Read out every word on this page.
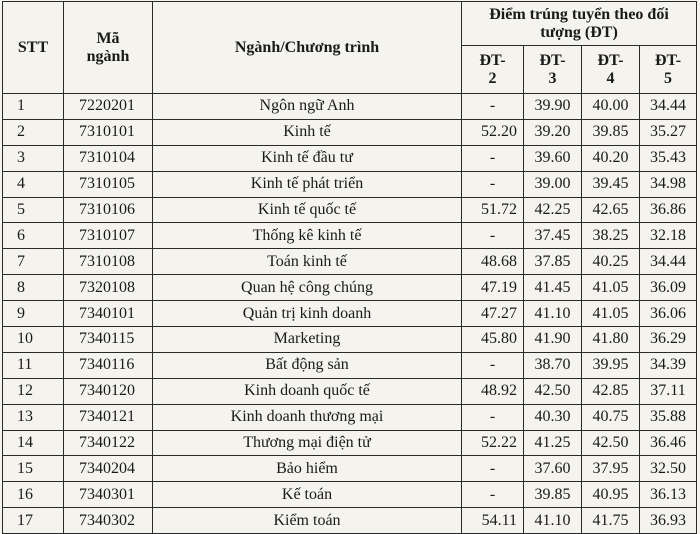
STT	Mã ngành	Ngành/Chương trình	Điểm trúng tuyển theo đối tượng (ĐT)			
			ĐT- 2	ĐT- 3	ĐT- 4	ĐT- 5
1	7220201	Ngôn ngữ Anh	-	39.90	40.00	34.44
2	7310101	Kinh tế	52.20	39.20	39.85	35.27
3	7310104	Kinh tế đầu tư	-	39.60	40.20	35.43
4	7310105	Kinh tế phát triển	-	39.00	39.45	34.98
5	7310106	Kinh tế quốc tế	51.72	42.25	42.65	36.86
6	7310107	Thống kê kinh tế	-	37.45	38.25	32.18
7	7310108	Toán kinh tế	48.68	37.85	40.25	34.44
8	7320108	Quan hệ công chúng	47.19	41.45	41.05	36.09
9	7340101	Quản trị kinh doanh	47.27	41.10	41.05	36.06
10	7340115	Marketing	45.80	41.90	41.80	36.29
11	7340116	Bất động sản	-	38.70	39.95	34.39
12	7340120	Kinh doanh quốc tế	48.92	42.50	42.85	37.11
13	7340121	Kinh doanh thương mại	-	40.30	40.75	35.88
14	7340122	Thương mại điện tử	52.22	41.25	42.50	36.46
15	7340204	Bảo hiểm	-	37.60	37.95	32.50
16	7340301	Kế toán	-	39.85	40.95	36.13
17	7340302	Kiểm toán	54.11	41.10	41.75	36.93
